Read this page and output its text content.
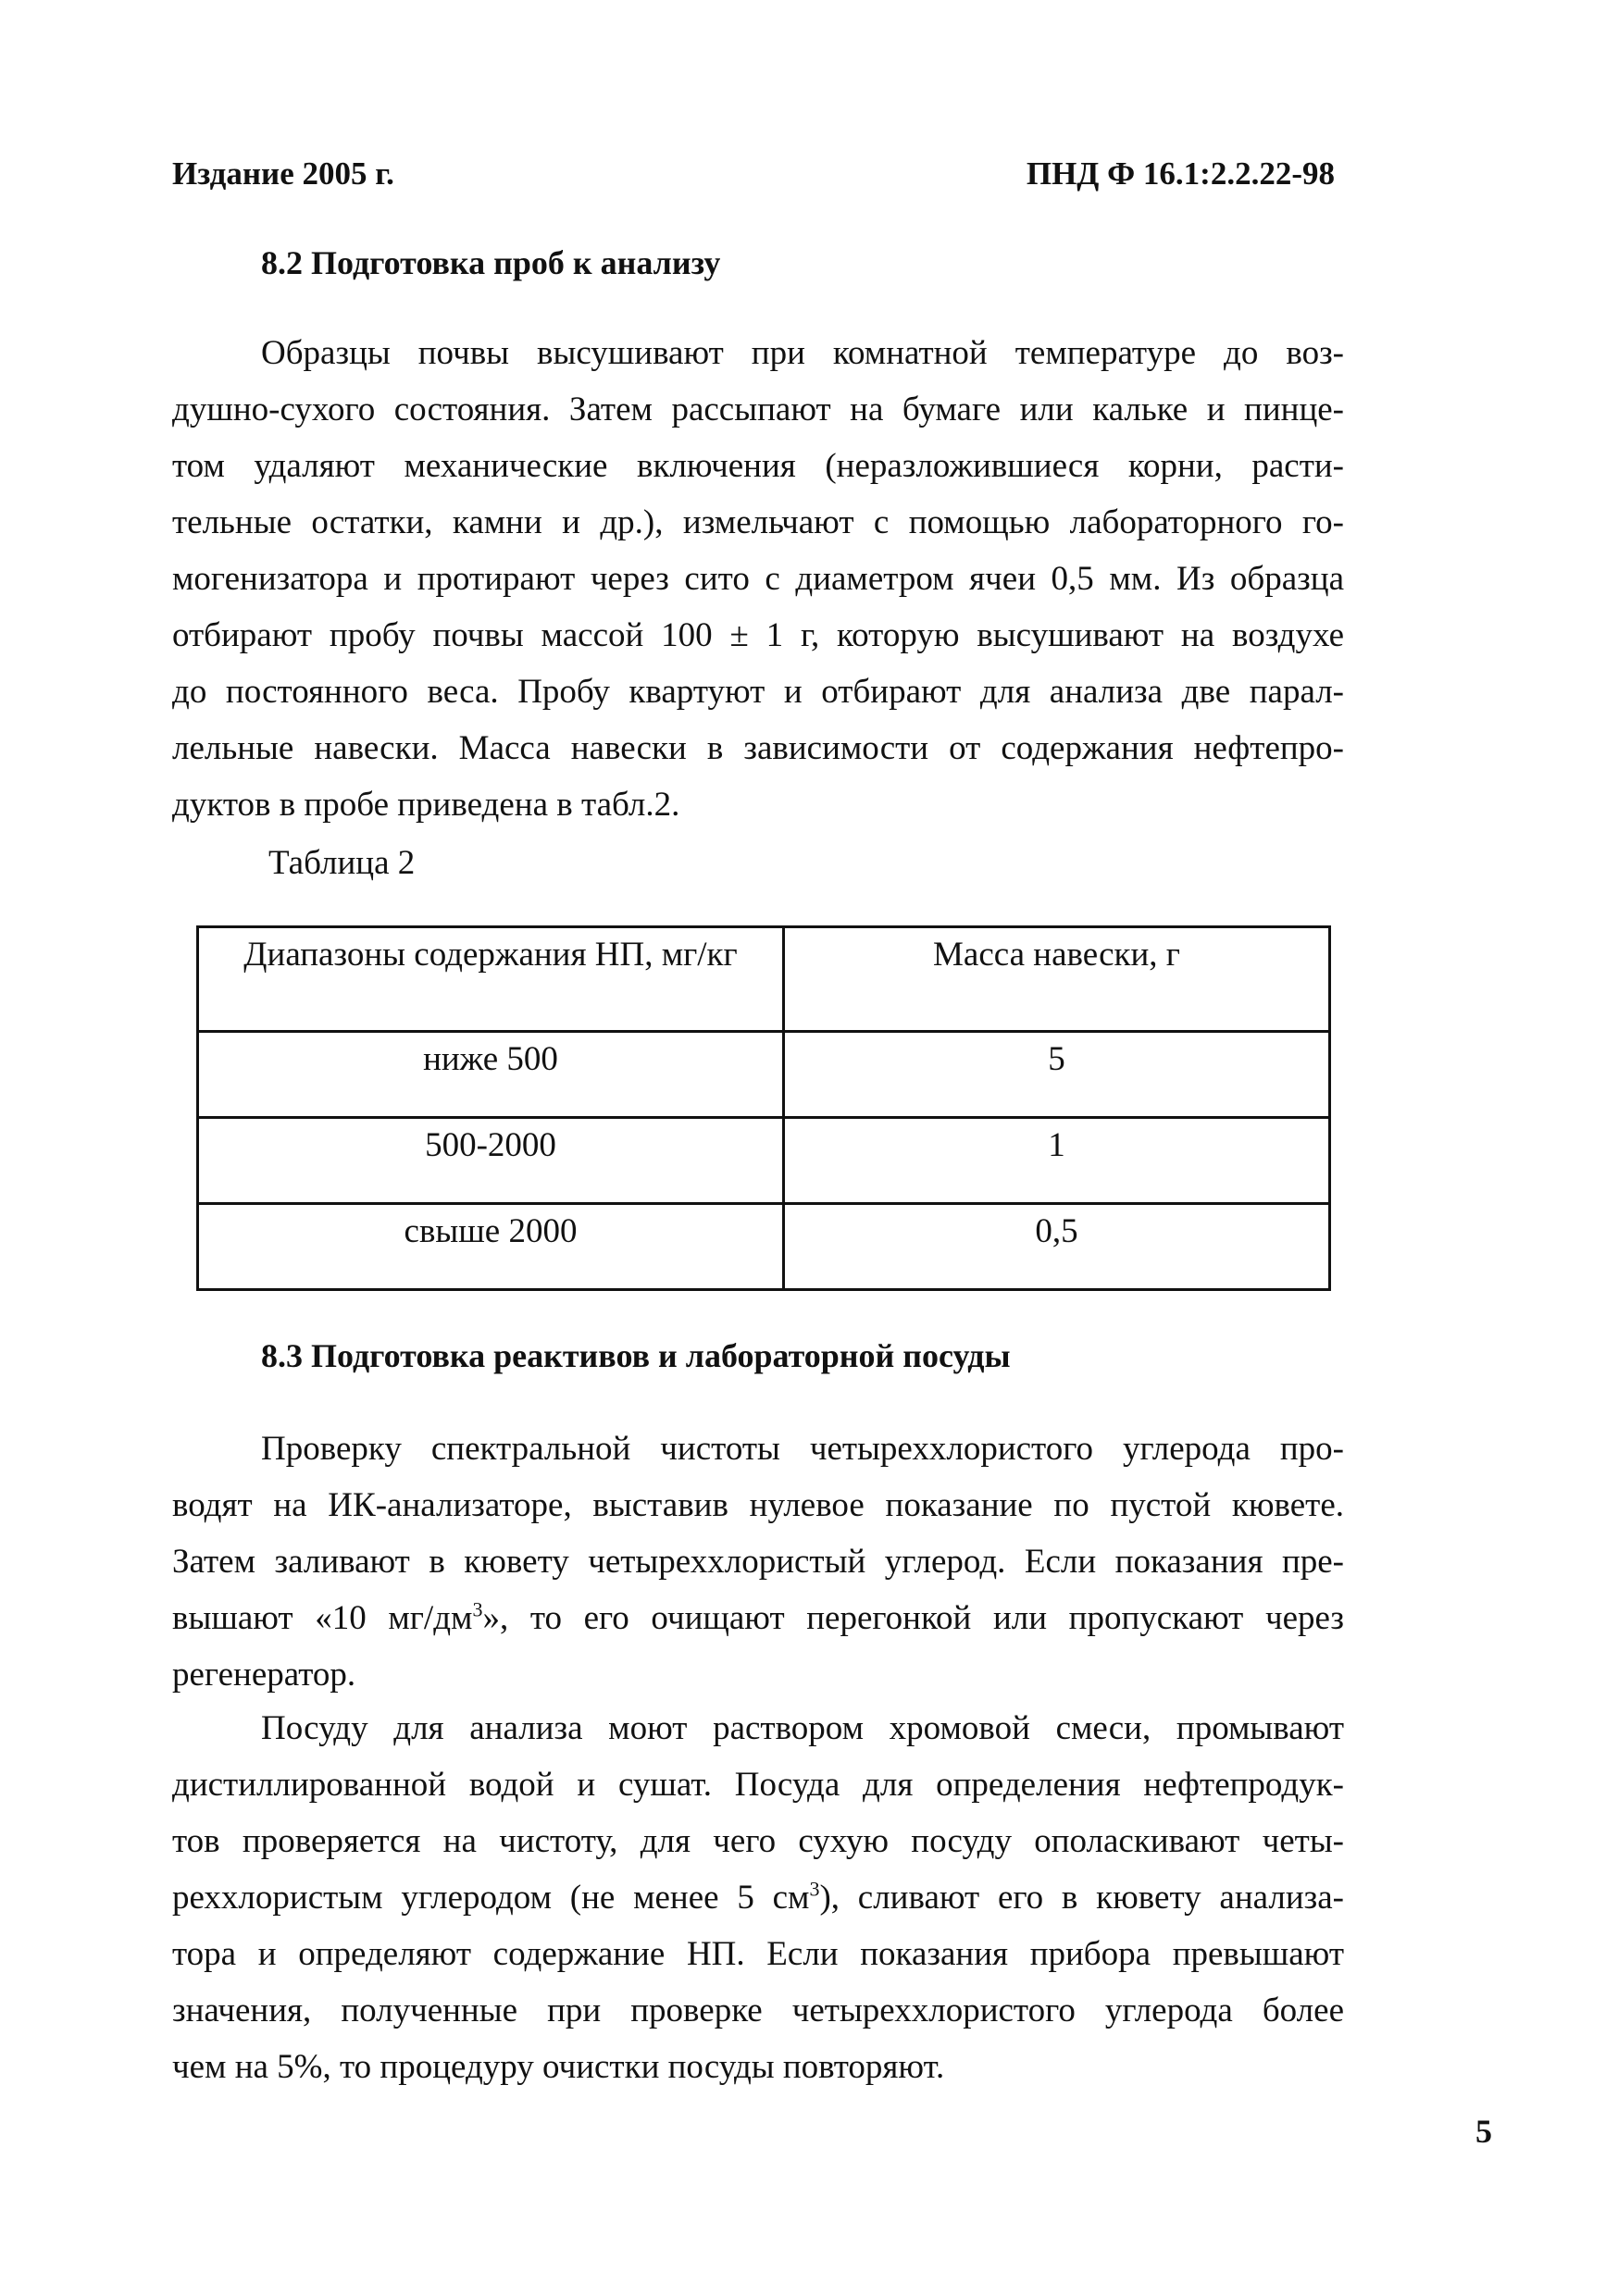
Издание 2005 г.	ПНД Ф 16.1:2.2.22-98
8.2 Подготовка проб к анализу

Образцы почвы высушивают при комнатной температуре до воз-
душно-сухого состояния. Затем рассыпают на бумаге или кальке и пинце-
том удаляют механические включения (неразложившиеся корни, расти-
тельные остатки, камни и др.), измельчают с помощью лабораторного го-
могенизатора и протирают через сито с диаметром ячеи 0,5 мм. Из образца
отбирают пробу почвы массой 100 ± 1 г, которую высушивают на воздухе
до постоянного веса. Пробу квартуют и отбирают для анализа две парал-
лельные навески. Масса навески в зависимости от содержания нефтепро-
дуктов в пробе приведена в табл.2.

Таблица 2
Диапазоны содержания НП, мг/кг	Масса навески, г
ниже 500	5
500-2000	1
свыше 2000	0,5
8.3 Подготовка реактивов и лабораторной посуды

Проверку спектральной чистоты четыреххлористого углерода про-
водят на ИК-анализаторе, выставив нулевое показание по пустой кювете.
Затем заливают в кювету четыреххлористый углерод. Если показания пре-
вышают «10 $мг/дм^3$», то его очищают перегонкой или пропускают через
регенератор.

Посуду для анализа моют раствором хромовой смеси, промывают
дистиллированной водой и сушат. Посуда для определения нефтепродук-
тов проверяется на чистоту, для чего сухую посуду ополаскивают четы-
реххлористым углеродом (не менее 5 $см^3$), сливают его в кювету анализа-
тора и определяют содержание НП. Если показания прибора превышают
значения, полученные при проверке четыреххлористого углерода более
чем на 5%, то процедуру очистки посуды повторяют.

5
